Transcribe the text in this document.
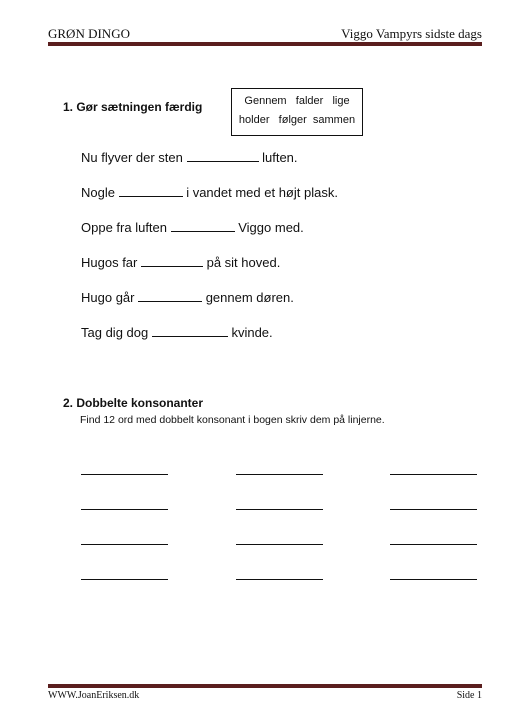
GRØN DINGO	Viggo Vampyrs sidste dags
1. Gør sætningen færdig	Gennem   falder   lige
holder   følger  sammen
Nu flyver der sten	luften.
Nogle	i vandet med et højt plask.
Oppe fra luften	Viggo med.
Hugos far	på sit hoved.
Hugo går	gennem døren.
Tag dig dog	kvinde.
2. Dobbelte konsonanter
Find 12 ord med dobbelt konsonant i bogen skriv dem på linjerne.
WWW.JoanEriksen.dk	Side 1
